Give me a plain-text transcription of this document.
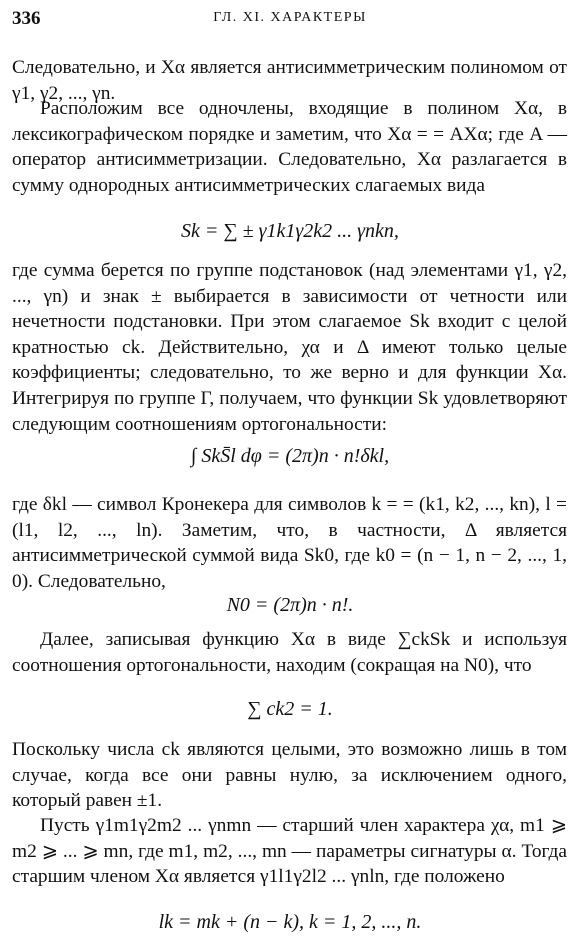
336	ГЛ. XI. ХАРАКТЕРЫ
Следовательно, и Xα является антисимметрическим полиномом от γ1, γ2, ..., γn.
Расположим все одночлены, входящие в полином Xα, в лексикографическом порядке и заметим, что Xα = = AXα; где A — оператор антисимметризации. Следовательно, Xα разлагается в сумму однородных антисимметрических слагаемых вида
Sk = ∑ ± γ1k1γ2k2 ... γnkn,
где сумма берется по группе подстановок (над элементами γ1, γ2, ..., γn) и знак ± выбирается в зависимости от четности или нечетности подстановки. При этом слагаемое Sk входит с целой кратностью ck. Действительно, χα и Δ имеют только целые коэффициенты; следовательно, то же верно и для функции Xα. Интегрируя по группе Γ, получаем, что функции Sk удовлетворяют следующим соотношениям ортогональности:
∫ SkS̄l dφ = (2π)n · n!δkl,
где δkl — символ Кронекера для символов k = = (k1, k2, ..., kn), l = (l1, l2, ..., ln). Заметим, что, в частности, Δ является антисимметрической суммой вида Sk0, где k0 = (n − 1, n − 2, ..., 1, 0). Следовательно,
N0 = (2π)n · n!.
Далее, записывая функцию Xα в виде ∑ckSk и используя соотношения ортогональности, находим (сокращая на N0), что
∑ ck2 = 1.
Поскольку числа ck являются целыми, это возможно лишь в том случае, когда все они равны нулю, за исключением одного, который равен ±1.
Пусть γ1m1γ2m2 ... γnmn — старший член характера χα, m1 ⩾ m2 ⩾ ... ⩾ mn, где m1, m2, ..., mn — параметры сигнатуры α. Тогда старшим членом Xα является γ1l1γ2l2 ... γnln, где положено
lk = mk + (n − k), k = 1, 2, ..., n.
